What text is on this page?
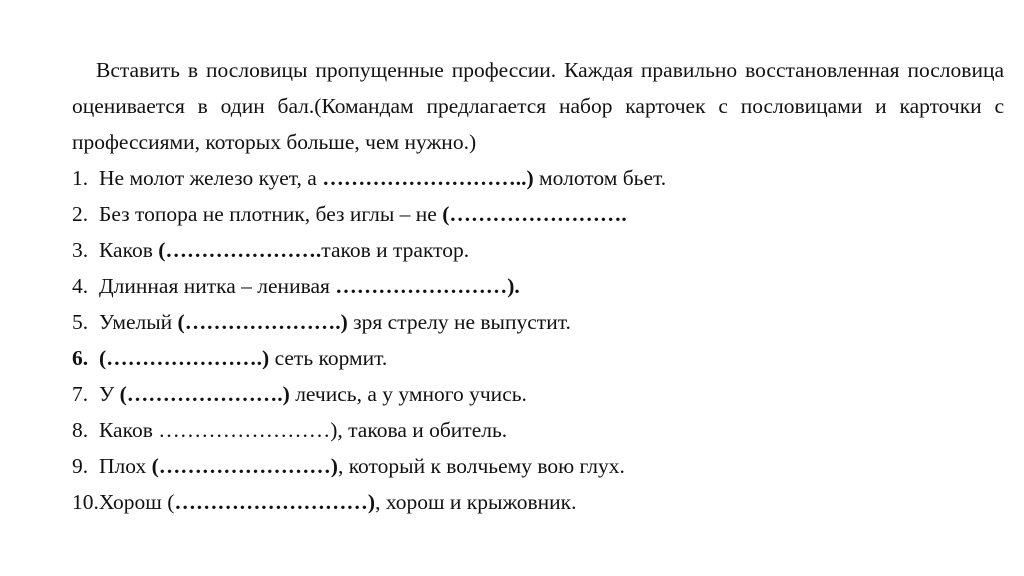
Вставить в пословицы пропущенные профессии. Каждая правильно восстановленная пословица оценивается в один бал.(Командам предлагается набор карточек с пословицами и карточки с профессиями, которых больше, чем нужно.)

1. Не молот железо кует, а ………………………..) молотом бьет.
2. Без топора не плотник, без иглы – не (…………………….
3. Каков (………………….таков и трактор.
4. Длинная нитка – ленивая ……………………).
5. Умелый (………………….) зря стрелу не выпустит.
6. (………………….) сеть кормит.
7. У (………………….) лечись, а у умного учись.
8. Каков ……………………), такова и обитель.
9. Плох (……………………), который к волчьему вою глух.
10. Хорош (………………………), хорош и крыжовник.
